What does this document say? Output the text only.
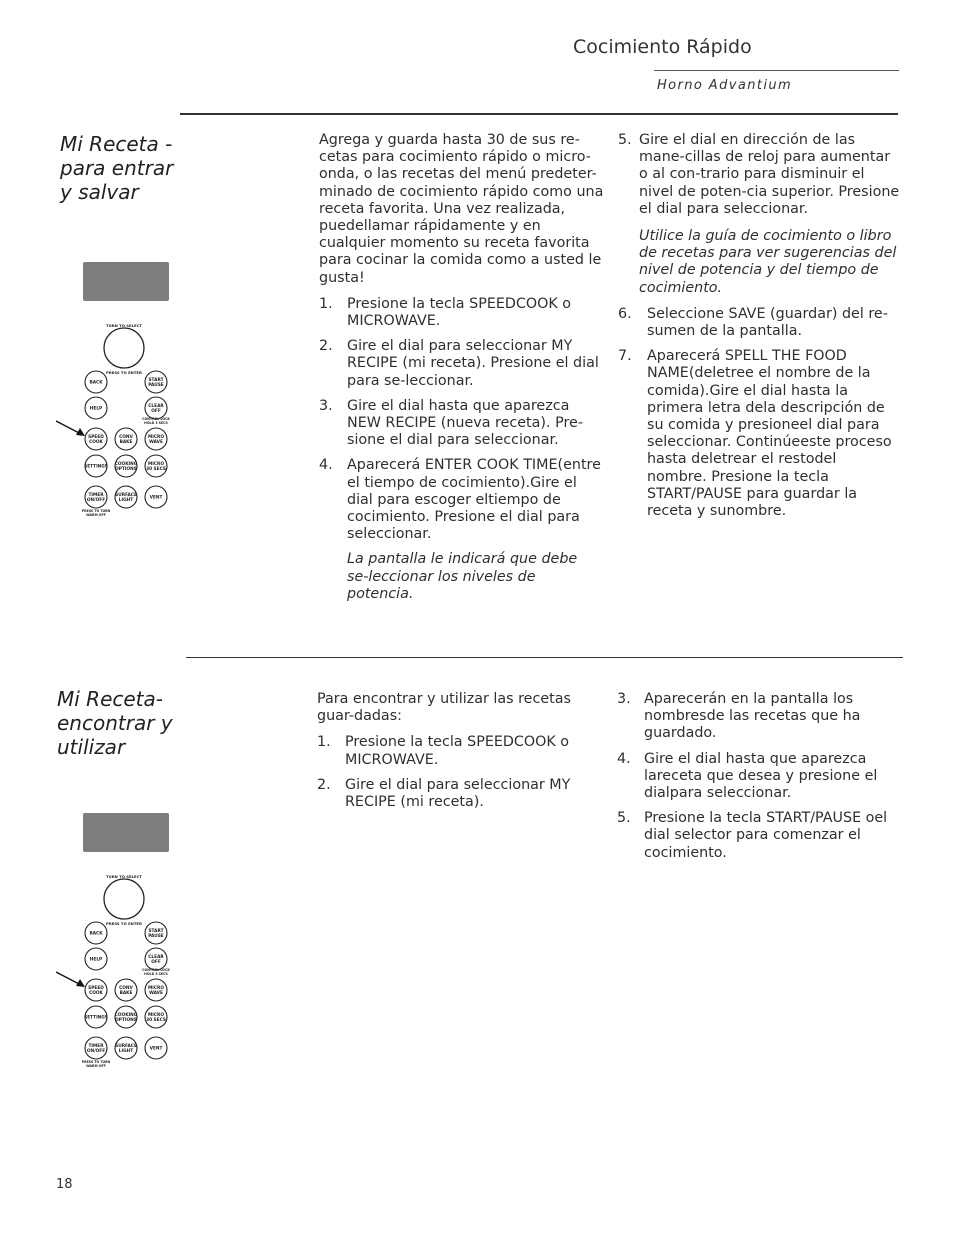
Cocimiento Rápido
Horno Advantium
Mi Receta -
para entrar
y salvar
TURN TO SELECT
PRESS TO ENTER
BACK	START PAUSE
HELP	CLEAR OFF
CONTROL LOCK HOLD 3 SECS
SPEED COOK
CONV BAKE
MICRO WAVE
SETTINGS COOKING OPTIONS
MICRO 30 SECS
TIMER ON/OFF
SURFACE LIGHT	VENT
PRESS TO TURN WARM OFF

Agrega y guarda hasta 30 de sus re-cetas para cocimiento rápido o micro-onda, o las recetas del menú predeter-minado de cocimiento rápido como una receta favorita. Una vez realizada, puedellamar rápidamente y en cualquier momento su receta favorita para cocinar la comida como a usted le gusta!

1.	Presione la tecla SPEEDCOOK o MICROWAVE.
2.	Gire el dial para seleccionar MY RECIPE (mi receta). Presione el dial para se-leccionar.
3.	Gire el dial hasta que aparezca NEW RECIPE (nueva receta). Pre-sione el dial para seleccionar.
4.	Aparecerá ENTER COOK TIME(entre el tiempo de cocimiento).Gire el dial para escoger eltiempo de cocimiento. Presione el dial para seleccionar.
La pantalla le indicará que debe se-leccionar los niveles de potencia.
5. Gire el dial en dirección de las mane-cillas de reloj para aumentar o al con-trario para disminuir el nivel de poten-cia superior. Presione el dial para seleccionar.
Utilice la guía de cocimiento o libro de recetas para ver sugerencias del nivel de potencia y del tiempo de cocimiento.
6.	Seleccione SAVE (guardar) del re-sumen de la pantalla.
7.	Aparecerá SPELL THE FOOD NAME(deletree el nombre de la comida).Gire el dial hasta la primera letra dela descripción de su comida y presioneel dial para seleccionar. Continúeeste proceso hasta deletrear el restodel nombre. Presione la tecla START/PAUSE para guardar la receta y sunombre.
Mi Receta-
encontrar y
utilizar
TURN TO SELECT
PRESS TO ENTER
BACK	START PAUSE
HELP	CLEAR OFF
CONTROL LOCK HOLD 3 SECS
SPEED COOK
CONV BAKE
MICRO WAVE
SETTINGS COOKING OPTIONS
MICRO 30 SECS
TIMER ON/OFF
SURFACE LIGHT	VENT
PRESS TO TURN WARM OFF

Para encontrar y utilizar las recetas guar-dadas:

1.	Presione la tecla SPEEDCOOK o MICROWAVE.
2.	Gire el dial para seleccionar MY RECIPE (mi receta).
3. Aparecerán en la pantalla los nombresde las recetas que ha guardado.
4. Gire el dial hasta que aparezca lareceta que desea y presione el dialpara seleccionar.
5. Presione la tecla START/PAUSE oel dial selector para comenzar el cocimiento.
18
